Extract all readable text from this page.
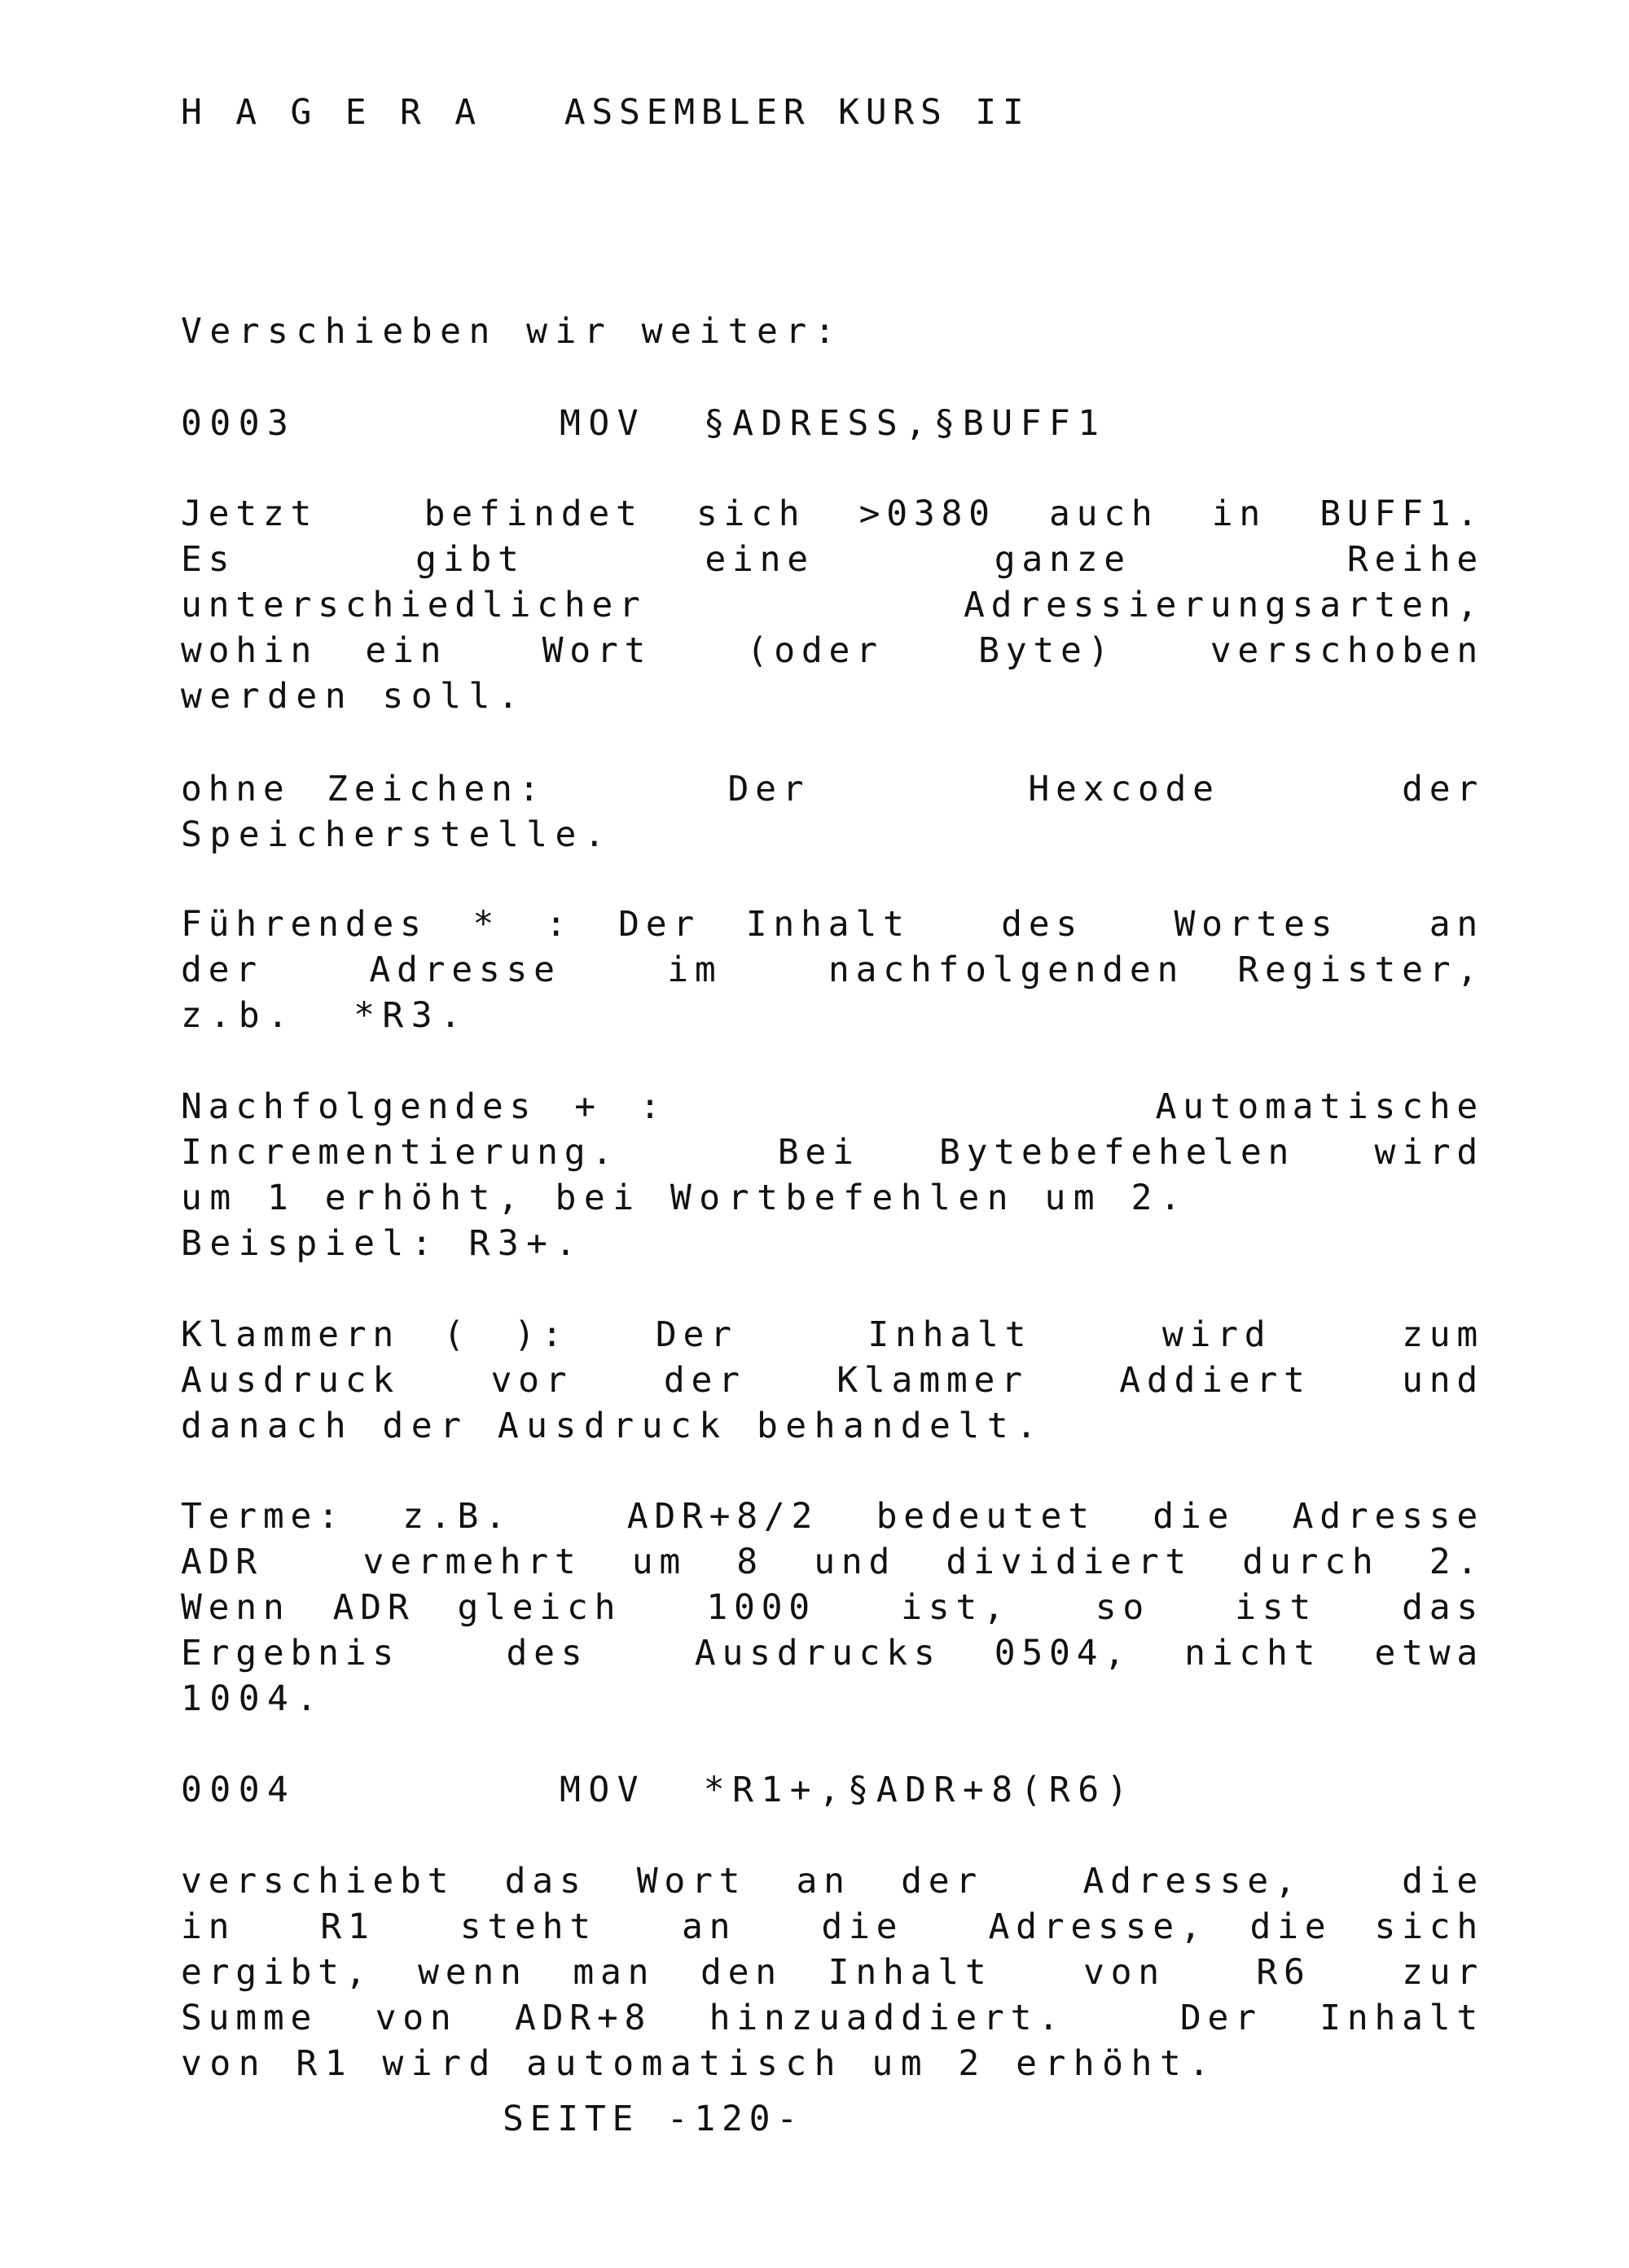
H A G E R A   ASSEMBLER KURS II
Verschieben wir weiter:

0003

	MOV  §ADRESS,§BUFF1

Jetzt  befindet sich >0380 auch in BUFF1.
Es     gibt     eine     ganze      Reihe
unterschiedlicher     Adressierungsarten,
wohin ein  Wort  (oder  Byte)  verschoben
werden soll.
ohne Zeichen:     Der      Hexcode     der
Speicherstelle.
Führendes * : Der Inhalt  des  Wortes  an
der  Adresse  im  nachfolgenden Register,
z.b.  *R3.
Nachfolgendes + :             Automatische
Incrementierung.  Bei Bytebefehelen wird
um 1 erhöht, bei Wortbefehlen um 2.
Beispiel: R3+.
Klammern ( ):  Der   Inhalt   wird   zum
Ausdruck  vor  der  Klammer  Addiert  und
danach der Ausdruck behandelt.
Terme: z.B.  ADR+8/2 bedeutet die Adresse
ADR  vermehrt um 8 und dividiert durch 2.
Wenn ADR gleich  1000  ist,  so  ist  das
Ergebnis  des  Ausdrucks 0504, nicht etwa
1004.

0004

	MOV  *R1+,§ADR+8(R6)

verschiebt das Wort an der  Adresse,  die
in  R1  steht  an  die  Adresse, die sich
ergibt, wenn man den Inhalt  von  R6  zur
Summe von ADR+8 hinzuaddiert.  Der Inhalt
von R1 wird automatisch um 2 erhöht.
SEITE -120-
